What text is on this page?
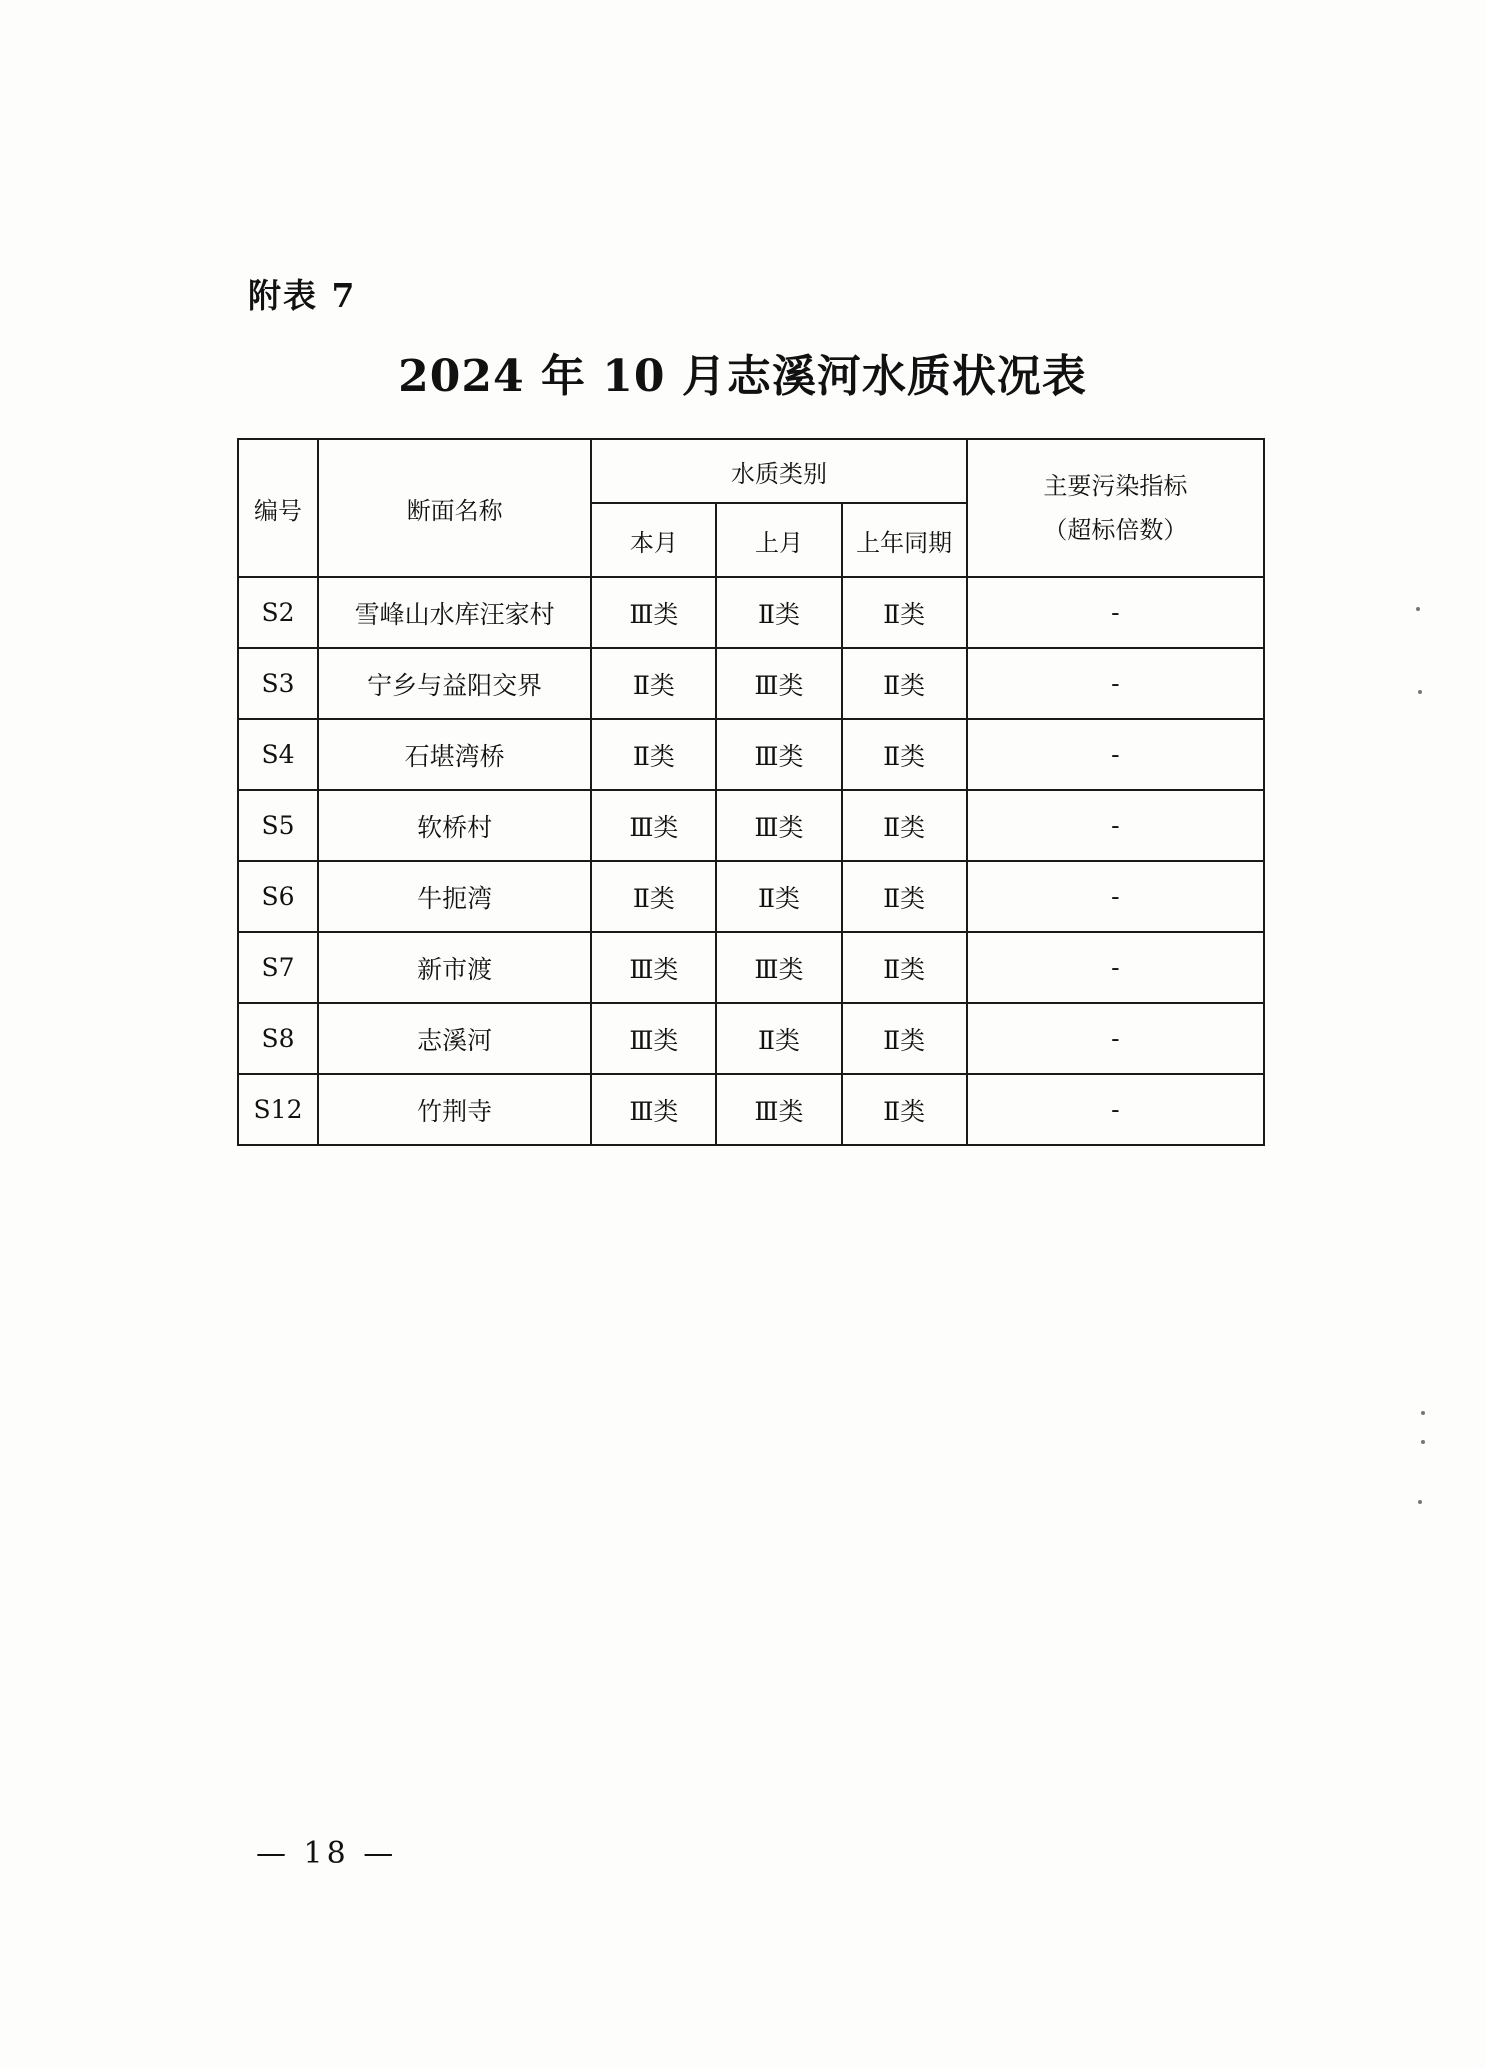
附表 7
2024 年 10 月志溪河水质状况表
编号	断面名称	水质类别			主要污染指标
（超标倍数）

		本月	上月	上年同期	
S2	雪峰山水库汪家村	Ⅲ类	Ⅱ类	Ⅱ类	-
S3	宁乡与益阳交界	Ⅱ类	Ⅲ类	Ⅱ类	-
S4	石堪湾桥	Ⅱ类	Ⅲ类	Ⅱ类	-
S5	软桥村	Ⅲ类	Ⅲ类	Ⅱ类	-
S6	牛扼湾	Ⅱ类	Ⅱ类	Ⅱ类	-
S7	新市渡	Ⅲ类	Ⅲ类	Ⅱ类	-
S8	志溪河	Ⅲ类	Ⅱ类	Ⅱ类	-
S12	竹荆寺	Ⅲ类	Ⅲ类	Ⅱ类	-
— 18 —
